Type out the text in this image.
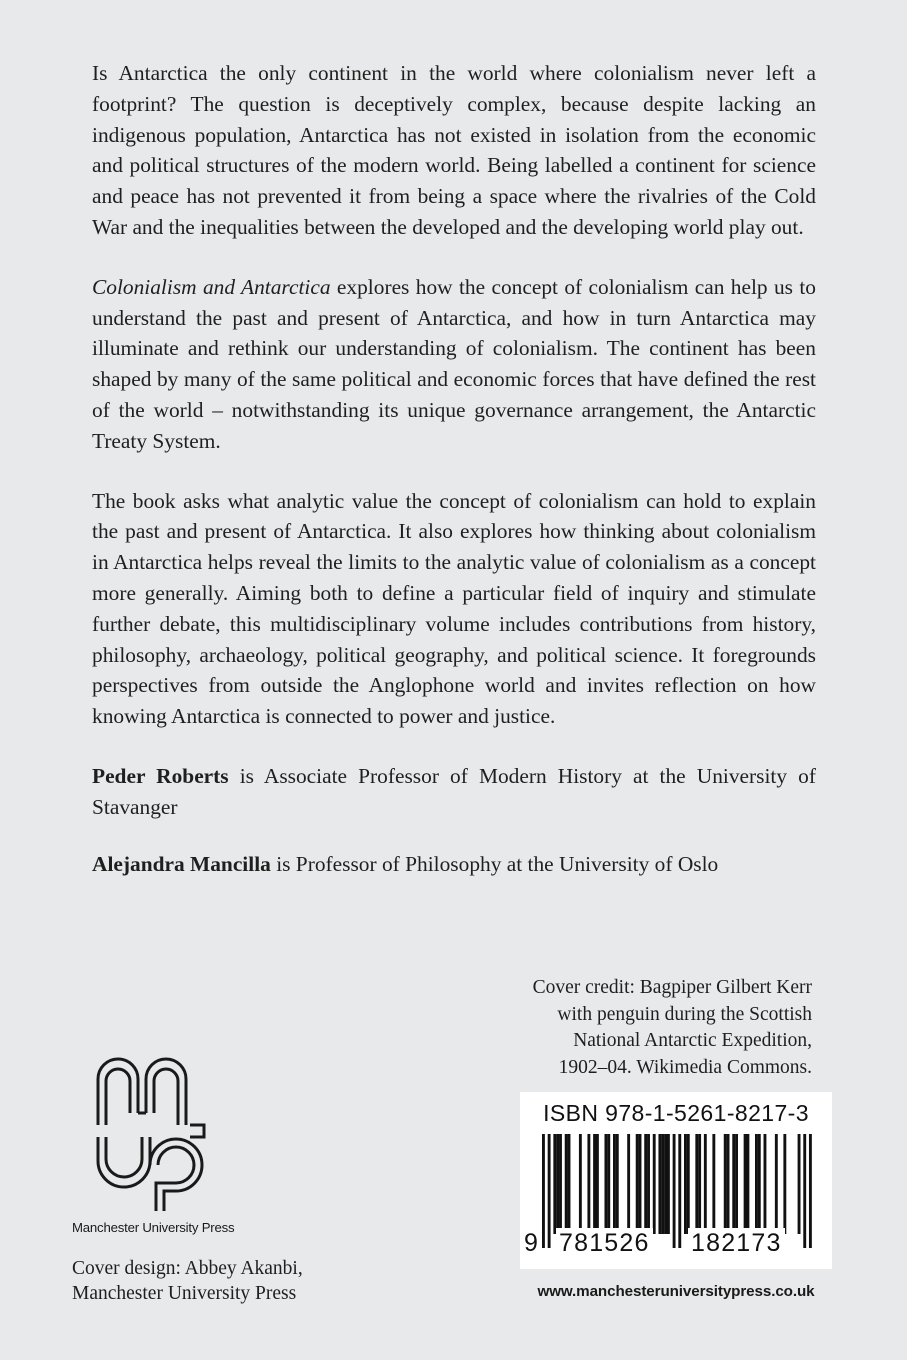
Is Antarctica the only continent in the world where colonialism never left a footprint? The question is deceptively complex, because despite lacking an indigenous population, Antarctica has not existed in isolation from the economic and political structures of the modern world. Being labelled a continent for science and peace has not prevented it from being a space where the rivalries of the Cold War and the inequalities between the developed and the developing world play out.

Colonialism and Antarctica explores how the concept of colonialism can help us to understand the past and present of Antarctica, and how in turn Antarctica may illuminate and rethink our understanding of colonialism. The continent has been shaped by many of the same political and economic forces that have defined the rest of the world – notwithstanding its unique governance arrangement, the Antarctic Treaty System.

The book asks what analytic value the concept of colonialism can hold to explain the past and present of Antarctica. It also explores how thinking about colonialism in Antarctica helps reveal the limits to the analytic value of colonialism as a concept more generally. Aiming both to define a particular field of inquiry and stimulate further debate, this multidisciplinary volume includes contributions from history, philosophy, archaeology, political geography, and political science. It foregrounds perspectives from outside the Anglophone world and invites reflection on how knowing Antarctica is connected to power and justice.

Peder Roberts is Associate Professor of Modern History at the University of Stavanger

Alejandra Mancilla is Professor of Philosophy at the University of Oslo

Cover credit: Bagpiper Gilbert Kerr
with penguin during the Scottish
National Antarctic Expedition,
1902–04. Wikimedia Commons.
Manchester University Press
Cover design: Abbey Akanbi,
Manchester University Press
ISBN 978-1-5261-8217-3
9 781526 182173
www.manchesteruniversitypress.co.uk
